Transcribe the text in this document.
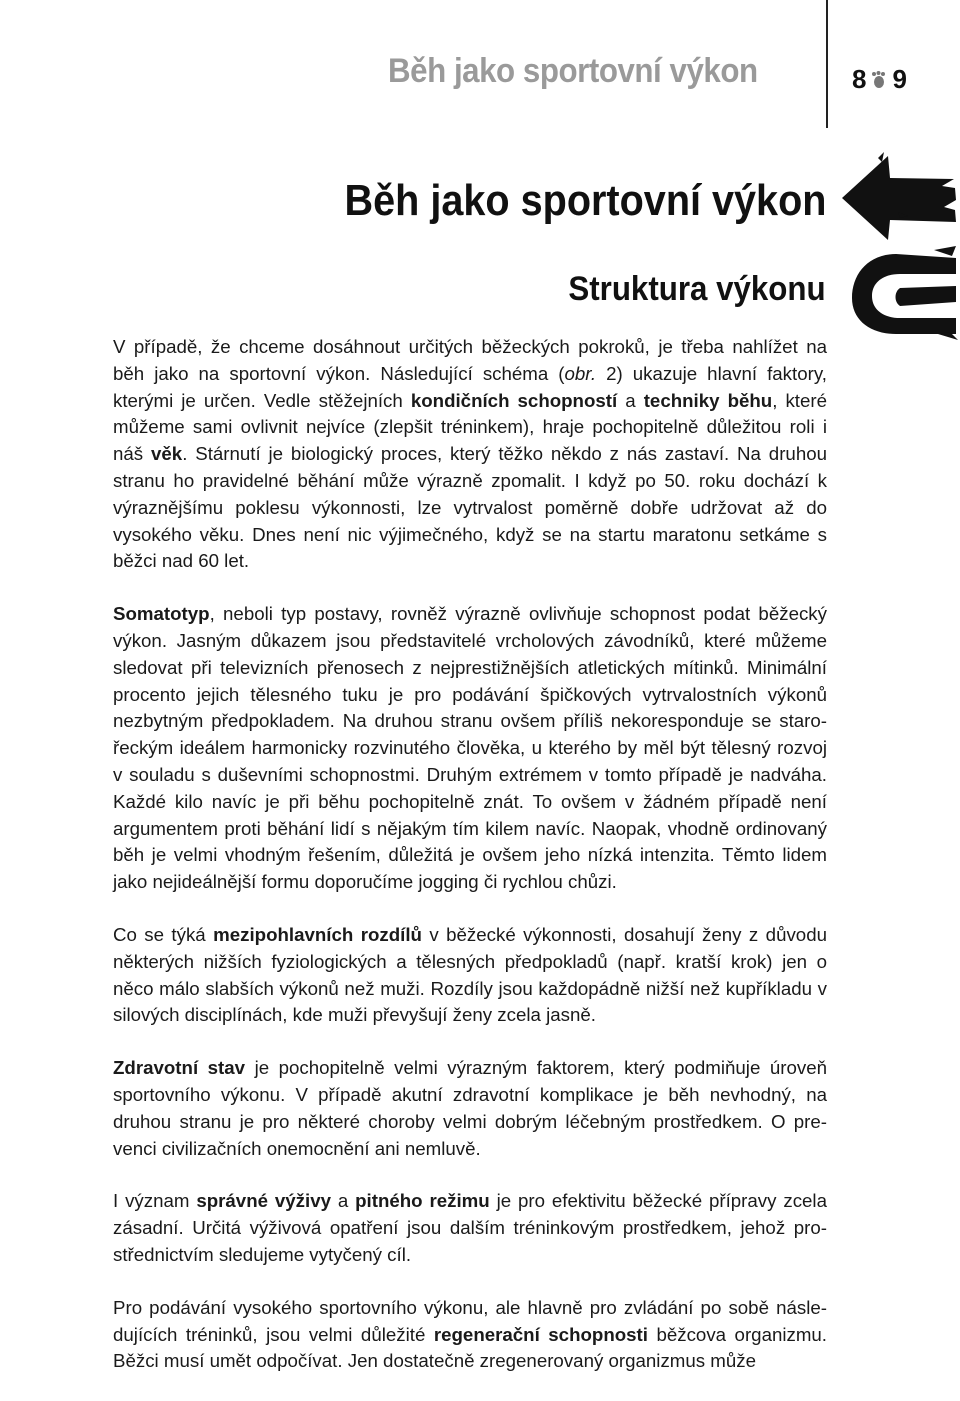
Běh jako sportovní výkon	8 9
Běh jako sportovní výkon
Struktura výkonu

V případě, že chceme dosáhnout určitých běžeckých pokroků, je třeba nahlížet na běh jako na sportovní výkon. Následující schéma (obr. 2) ukazuje hlavní faktory, kterými je určen. Vedle stěžejních kondičních schopností a techniky běhu, které můžeme sami ovlivnit nejvíce (zlepšit tréninkem), hraje pochopitelně důležitou roli i náš věk. Stárnutí je biologický proces, který těžko někdo z nás zastaví. Na druhou stranu ho pravidelné běhání může výrazně zpomalit. I když po 50. roku dochází k výraznějšímu poklesu výkonnosti, lze vytrvalost poměrně dobře udržovat až do vysokého věku. Dnes není nic výjimečného, když se na startu maratonu setkáme s běžci nad 60 let.

Somatotyp, neboli typ postavy, rovněž výrazně ovlivňuje schopnost podat běžecký výkon. Jasným důkazem jsou představitelé vrcholových závodníků, které můžeme sledovat při televizních přenosech z nejprestižnějších atletických mítinků. Minimální procento jejich tělesného tuku je pro podávání špičkových vytrvalostních výkonů nezbytným předpokladem. Na druhou stranu ovšem příliš nekoresponduje se starořeckým ideálem harmonicky rozvinutého člověka, u kterého by měl být tělesný rozvoj v souladu s duševními schopnostmi. Druhým extrémem v tomto případě je nadváha. Každé kilo navíc je při běhu pochopitelně znát. To ovšem v žádném případě není argumentem proti běhání lidí s nějakým tím kilem navíc. Naopak, vhodně ordinovaný běh je velmi vhodným řešením, důležitá je ovšem jeho nízká intenzita. Těmto lidem jako nejideálnější formu doporučíme jogging či rychlou chůzi.

Co se týká mezipohlavních rozdílů v běžecké výkonnosti, dosahují ženy z důvodu některých nižších fyziologických a tělesných předpokladů (např. kratší krok) jen o něco málo slabších výkonů než muži. Rozdíly jsou každopádně nižší než kupříkladu v silových disciplínách, kde muži převyšují ženy zcela jasně.

Zdravotní stav je pochopitelně velmi výrazným faktorem, který podmiňuje úroveň sportovního výkonu. V případě akutní zdravotní komplikace je běh nevhodný, na druhou stranu je pro některé choroby velmi dobrým léčebným prostředkem. O prevenci civilizačních onemocnění ani nemluvě.

I význam správné výživy a pitného režimu je pro efektivitu běžecké přípravy zcela zásadní. Určitá výživová opatření jsou dalším tréninkovým prostředkem, jehož prostřednictvím sledujeme vytyčený cíl.

Pro podávání vysokého sportovního výkonu, ale hlavně pro zvládání po sobě následujících tréninků, jsou velmi důležité regenerační schopnosti běžcova organizmu. Běžci musí umět odpočívat. Jen dostatečně zregenerovaný organizmus může
